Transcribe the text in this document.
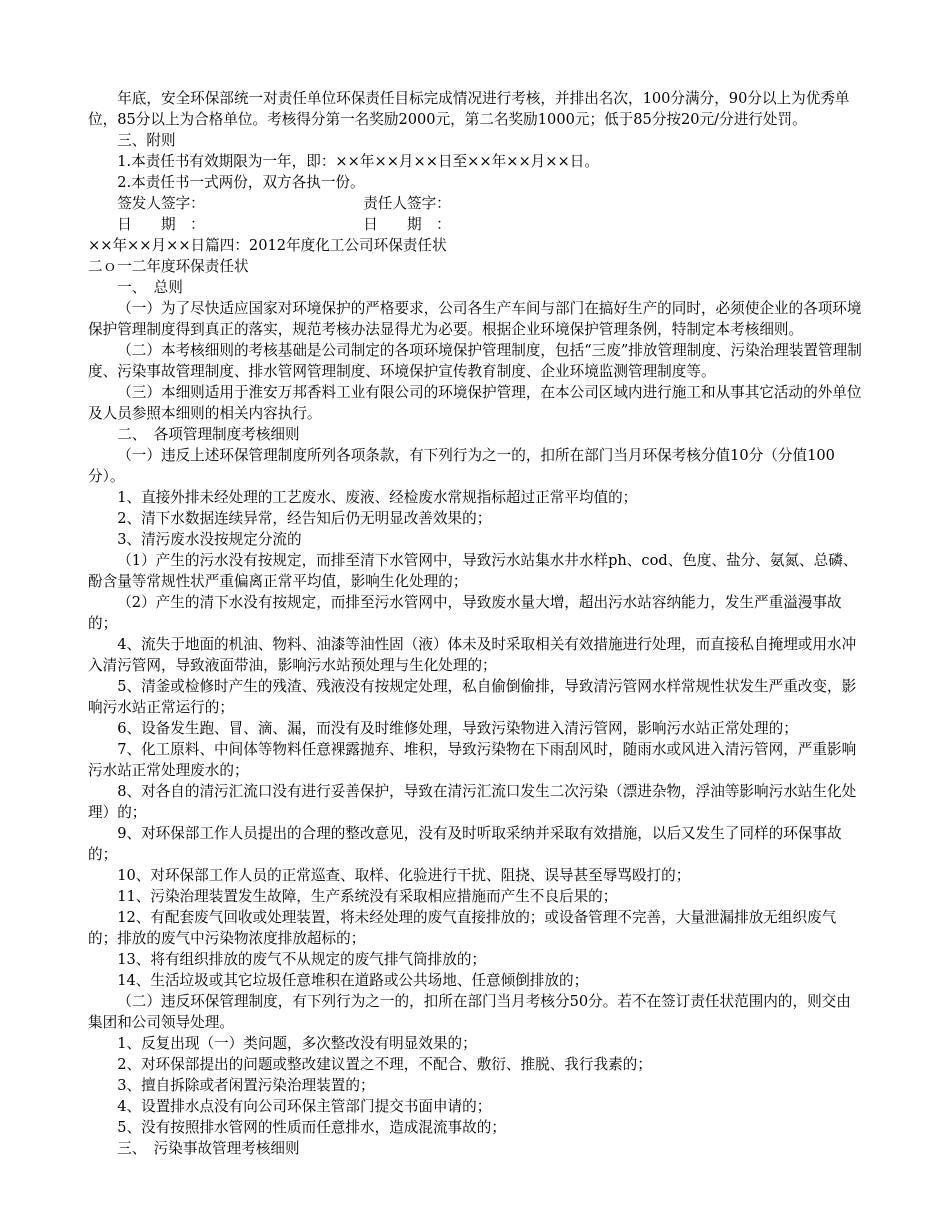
年底，安全环保部统一对责任单位环保责任目标完成情况进行考核，并排出名次，100分满分，90分以上为优秀单位，85分以上为合格单位。考核得分第一名奖励2000元，第二名奖励1000元；低于85分按20元/分进行处罚。

三、附则

1.本责任书有效期限为一年，即：××年××月××日至××年××月××日。

2.本责任书一式两份，双方各执一份。

签发人签字：	责任人签字：
日　　期　：	日　　期　：

××年××月××日篇四：2012年度化工公司环保责任状

二ｏ一二年度环保责任状

一、　总则

（一）为了尽快适应国家对环境保护的严格要求，公司各生产车间与部门在搞好生产的同时，必须使企业的各项环境保护管理制度得到真正的落实，规范考核办法显得尤为必要。根据企业环境保护管理条例，特制定本考核细则。

（二）本考核细则的考核基础是公司制定的各项环境保护管理制度，包括“三废”排放管理制度、污染治理装置管理制度、污染事故管理制度、排水管网管理制度、环境保护宣传教育制度、企业环境监测管理制度等。

（三）本细则适用于淮安万邦香料工业有限公司的环境保护管理，在本公司区域内进行施工和从事其它活动的外单位及人员参照本细则的相关内容执行。

二、　各项管理制度考核细则

（一）违反上述环保管理制度所列各项条款，有下列行为之一的，扣所在部门当月环保考核分值10分（分值100分）。

1、直接外排未经处理的工艺废水、废液、经检废水常规指标超过正常平均值的；

2、清下水数据连续异常，经告知后仍无明显改善效果的；

3、清污废水没按规定分流的

（1）产生的污水没有按规定，而排至清下水管网中，导致污水站集水井水样ph、cod、色度、盐分、氨氮、总磷、酚含量等常规性状严重偏离正常平均值，影响生化处理的；

（2）产生的清下水没有按规定，而排至污水管网中，导致废水量大增，超出污水站容纳能力，发生严重溢漫事故的；

4、流失于地面的机油、物料、油漆等油性固（液）体未及时采取相关有效措施进行处理，而直接私自掩埋或用水冲入清污管网，导致液面带油，影响污水站预处理与生化处理的；

5、清釜或检修时产生的残渣、残液没有按规定处理，私自偷倒偷排，导致清污管网水样常规性状发生严重改变，影响污水站正常运行的；

6、设备发生跑、冒、滴、漏，而没有及时维修处理，导致污染物进入清污管网，影响污水站正常处理的；

7、化工原料、中间体等物料任意裸露抛弃、堆积，导致污染物在下雨刮风时，随雨水或风进入清污管网，严重影响污水站正常处理废水的；

8、对各自的清污汇流口没有进行妥善保护，导致在清污汇流口发生二次污染（漂进杂物，浮油等影响污水站生化处理）的；

9、对环保部工作人员提出的合理的整改意见，没有及时听取采纳并采取有效措施，以后又发生了同样的环保事故的；

10、对环保部工作人员的正常巡查、取样、化验进行干扰、阻挠、误导甚至辱骂殴打的；

11、污染治理装置发生故障，生产系统没有采取相应措施而产生不良后果的；

12、有配套废气回收或处理装置，将未经处理的废气直接排放的；或设备管理不完善，大量泄漏排放无组织废气的；排放的废气中污染物浓度排放超标的；

13、将有组织排放的废气不从规定的废气排气筒排放的；

14、生活垃圾或其它垃圾任意堆积在道路或公共场地、任意倾倒排放的；

（二）违反环保管理制度，有下列行为之一的，扣所在部门当月考核分50分。若不在签订责任状范围内的，则交由集团和公司领导处理。

1、反复出现（一）类问题，多次整改没有明显效果的；

2、对环保部提出的问题或整改建议置之不理，不配合、敷衍、推脱、我行我素的；

3、擅自拆除或者闲置污染治理装置的；

4、设置排水点没有向公司环保主管部门提交书面申请的；

5、没有按照排水管网的性质而任意排水，造成混流事故的；

三、　污染事故管理考核细则
